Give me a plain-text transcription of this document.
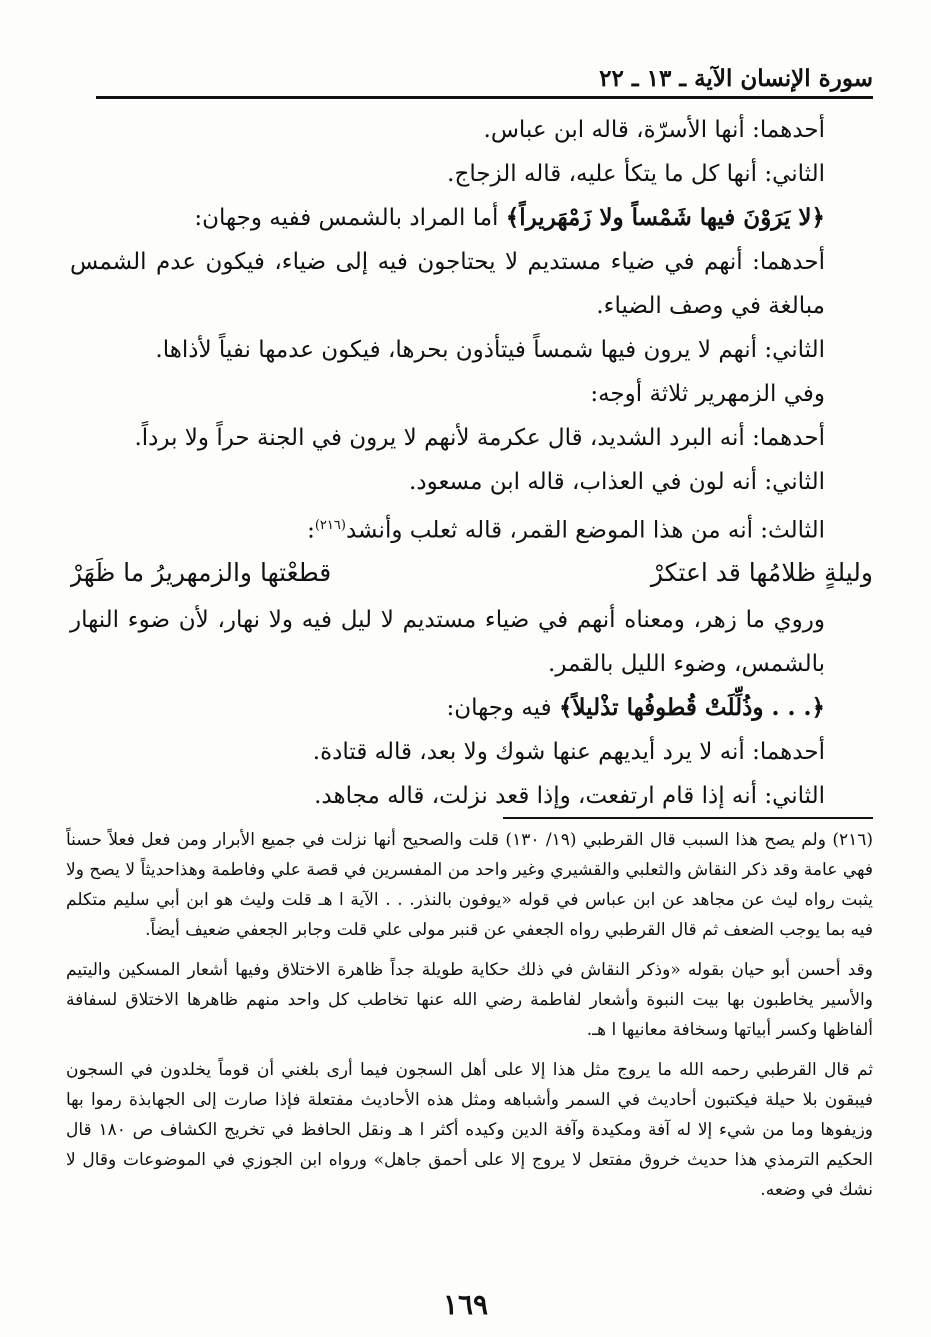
سورة الإنسان الآية ـ ١٣ ـ ٢٢
أحدهما: أنها الأسرّة، قاله ابن عباس.
الثاني: أنها كل ما يتكأ عليه، قاله الزجاج.
﴿لا يَرَوْنَ فيها شَمْساً ولا زَمْهَريراً﴾ أما المراد بالشمس ففيه وجهان:
أحدهما: أنهم في ضياء مستديم لا يحتاجون فيه إلى ضياء، فيكون عدم الشمس مبالغة في وصف الضياء.
الثاني: أنهم لا يرون فيها شمساً فيتأذون بحرها، فيكون عدمها نفياً لأذاها.
وفي الزمهرير ثلاثة أوجه:
أحدهما: أنه البرد الشديد، قال عكرمة لأنهم لا يرون في الجنة حراً ولا برداً.
الثاني: أنه لون في العذاب، قاله ابن مسعود.
الثالث: أنه من هذا الموضع القمر، قاله ثعلب وأنشد$^{(٢١٦)}$:
وليلةٍ ظلامُها قد اعتكرْ
قطعْتها والزمهريرُ ما ظَهَرْ
وروي ما زهر، ومعناه أنهم في ضياء مستديم لا ليل فيه ولا نهار، لأن ضوء النهار بالشمس، وضوء الليل بالقمر.
﴿. . . وذُلِّلَتْ قُطوفُها تذْليلاً﴾ فيه وجهان:
أحدهما: أنه لا يرد أيديهم عنها شوك ولا بعد، قاله قتادة.
الثاني: أنه إذا قام ارتفعت، وإذا قعد نزلت، قاله مجاهد.

(٢١٦) ولم يصح هذا السبب قال القرطبي (١٩/ ١٣٠) قلت والصحيح أنها نزلت في جميع الأبرار ومن فعل فعلاً حسناً فهي عامة وقد ذكر النقاش والثعلبي والقشيري وغير واحد من المفسرين في قصة علي وفاطمة وهذاحديثاً لا يصح ولا يثبت رواه ليث عن مجاهد عن ابن عباس في قوله «يوفون بالنذر. . . الآية ا هـ قلت وليث هو ابن أبي سليم متكلم فيه بما يوجب الضعف ثم قال القرطبي رواه الجعفي عن قنبر مولى علي قلت وجابر الجعفي ضعيف أيضاً.

وقد أحسن أبو حيان بقوله «وذكر النقاش في ذلك حكاية طويلة جداً ظاهرة الاختلاق وفيها أشعار المسكين واليتيم والأسير يخاطبون بها بيت النبوة وأشعار لفاطمة رضي الله عنها تخاطب كل واحد منهم ظاهرها الاختلاق لسفافة ألفاظها وكسر أبياتها وسخافة معانيها ا هـ.

ثم قال القرطبي رحمه الله ما يروج مثل هذا إلا على أهل السجون فيما أرى بلغني أن قوماً يخلدون في السجون فيبقون بلا حيلة فيكتبون أحاديث في السمر وأشباهه ومثل هذه الأحاديث مفتعلة فإذا صارت إلى الجهابذة رموا بها وزيفوها وما من شيء إلا له آفة ومكيدة وآفة الدين وكيده أكثر ا هـ ونقل الحافظ في تخريج الكشاف ص ١٨٠ قال الحكيم الترمذي هذا حديث خروق مفتعل لا يروج إلا على أحمق جاهل» ورواه ابن الجوزي في الموضوعات وقال لا نشك في وضعه.

١٦٩
